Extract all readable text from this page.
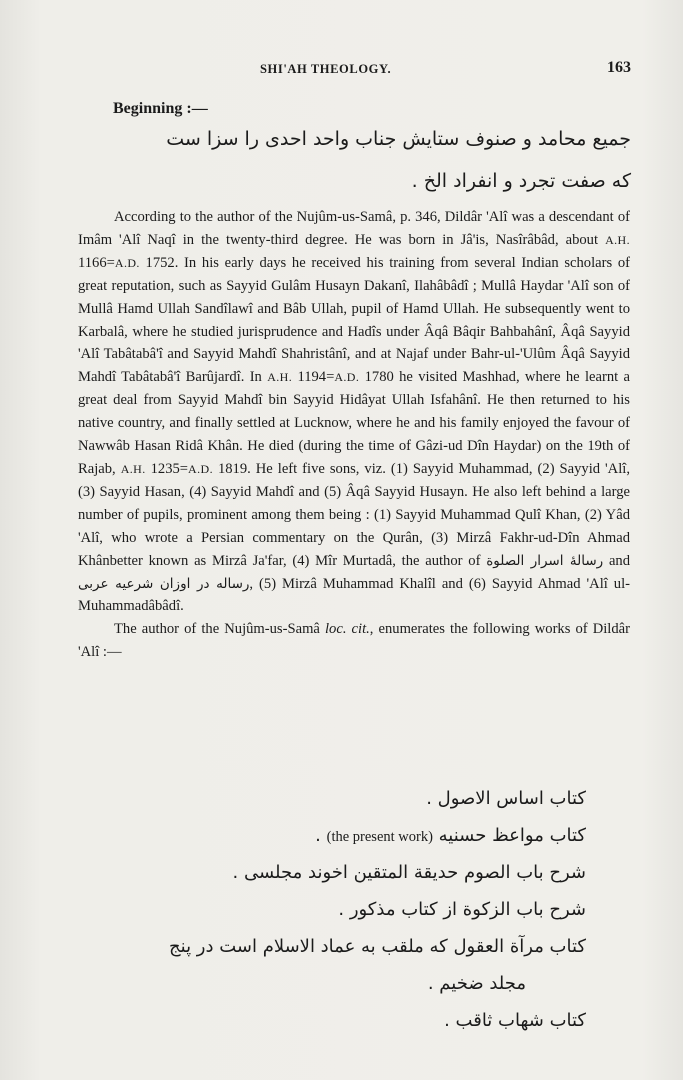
SHI'AH THEOLOGY.	163
Beginning :—
جمیع محامد و صنوف ستایش جناب واحد احدی را سزا ست
که صفت تجرد و انفراد الخ .

According to the author of the Nujûm-us-Samâ, p. 346, Dildâr 'Alî was a descendant of Imâm 'Alî Naqî in the twenty-third degree. He was born in Jâ'is, Nasîrâbâd, about A.H. 1166=A.D. 1752. In his early days he received his training from several Indian scholars of great reputation, such as Sayyid Gulâm Husayn Dakanî, Ilahâbâdî ; Mullâ Haydar 'Alî son of Mullâ Hamd Ullah Sandîlawî and Bâb Ullah, pupil of Hamd Ullah. He subsequently went to Karbalâ, where he studied jurisprudence and Hadîs under Âqâ Bâqir Bahbahânî, Âqâ Sayyid 'Alî Tabâtabâ'î and Sayyid Mahdî Shahristânî, and at Najaf under Bahr-ul-'Ulûm Âqâ Sayyid Mahdî Tabâtabâ'î Barûjardî. In A.H. 1194=A.D. 1780 he visited Mashhad, where he learnt a great deal from Sayyid Mahdî bin Sayyid Hidâyat Ullah Isfahânî. He then returned to his native country, and finally settled at Lucknow, where he and his family enjoyed the favour of Nawwâb Hasan Ridâ Khân. He died (during the time of Gâzi-ud Dîn Haydar) on the 19th of Rajab, A.H. 1235=A.D. 1819. He left five sons, viz. (1) Sayyid Muhammad, (2) Sayyid 'Alî, (3) Sayyid Hasan, (4) Sayyid Mahdî and (5) Âqâ Sayyid Husayn. He also left behind a large number of pupils, prominent among them being : (1) Sayyid Muhammad Qulî Khan, (2) Yâd 'Alî, who wrote a Persian commentary on the Qurân, (3) Mirzâ Fakhr-ud-Dîn Ahmad Khânbetter known as Mirzâ Ja'far, (4) Mîr Murtadâ, the author of رسالهٔ اسرار الصلوة and رساله در اوزان شرعیه عربی, (5) Mirzâ Muhammad Khalîl and (6) Sayyid Ahmad 'Alî ul-Muhammadâbâdî.

The author of the Nujûm-us-Samâ loc. cit., enumerates the following works of Dildâr 'Alî :—

کتاب اساس الاصول .
کتاب مواعظ حسنیه (the present work) .
شرح باب الصوم حدیقة المتقین اخوند مجلسی .
شرح باب الزکوة از کتاب مذکور .
کتاب مرآة العقول که ملقب به عماد الاسلام است در پنج
مجلد ضخیم .
کتاب شهاب ثاقب .
